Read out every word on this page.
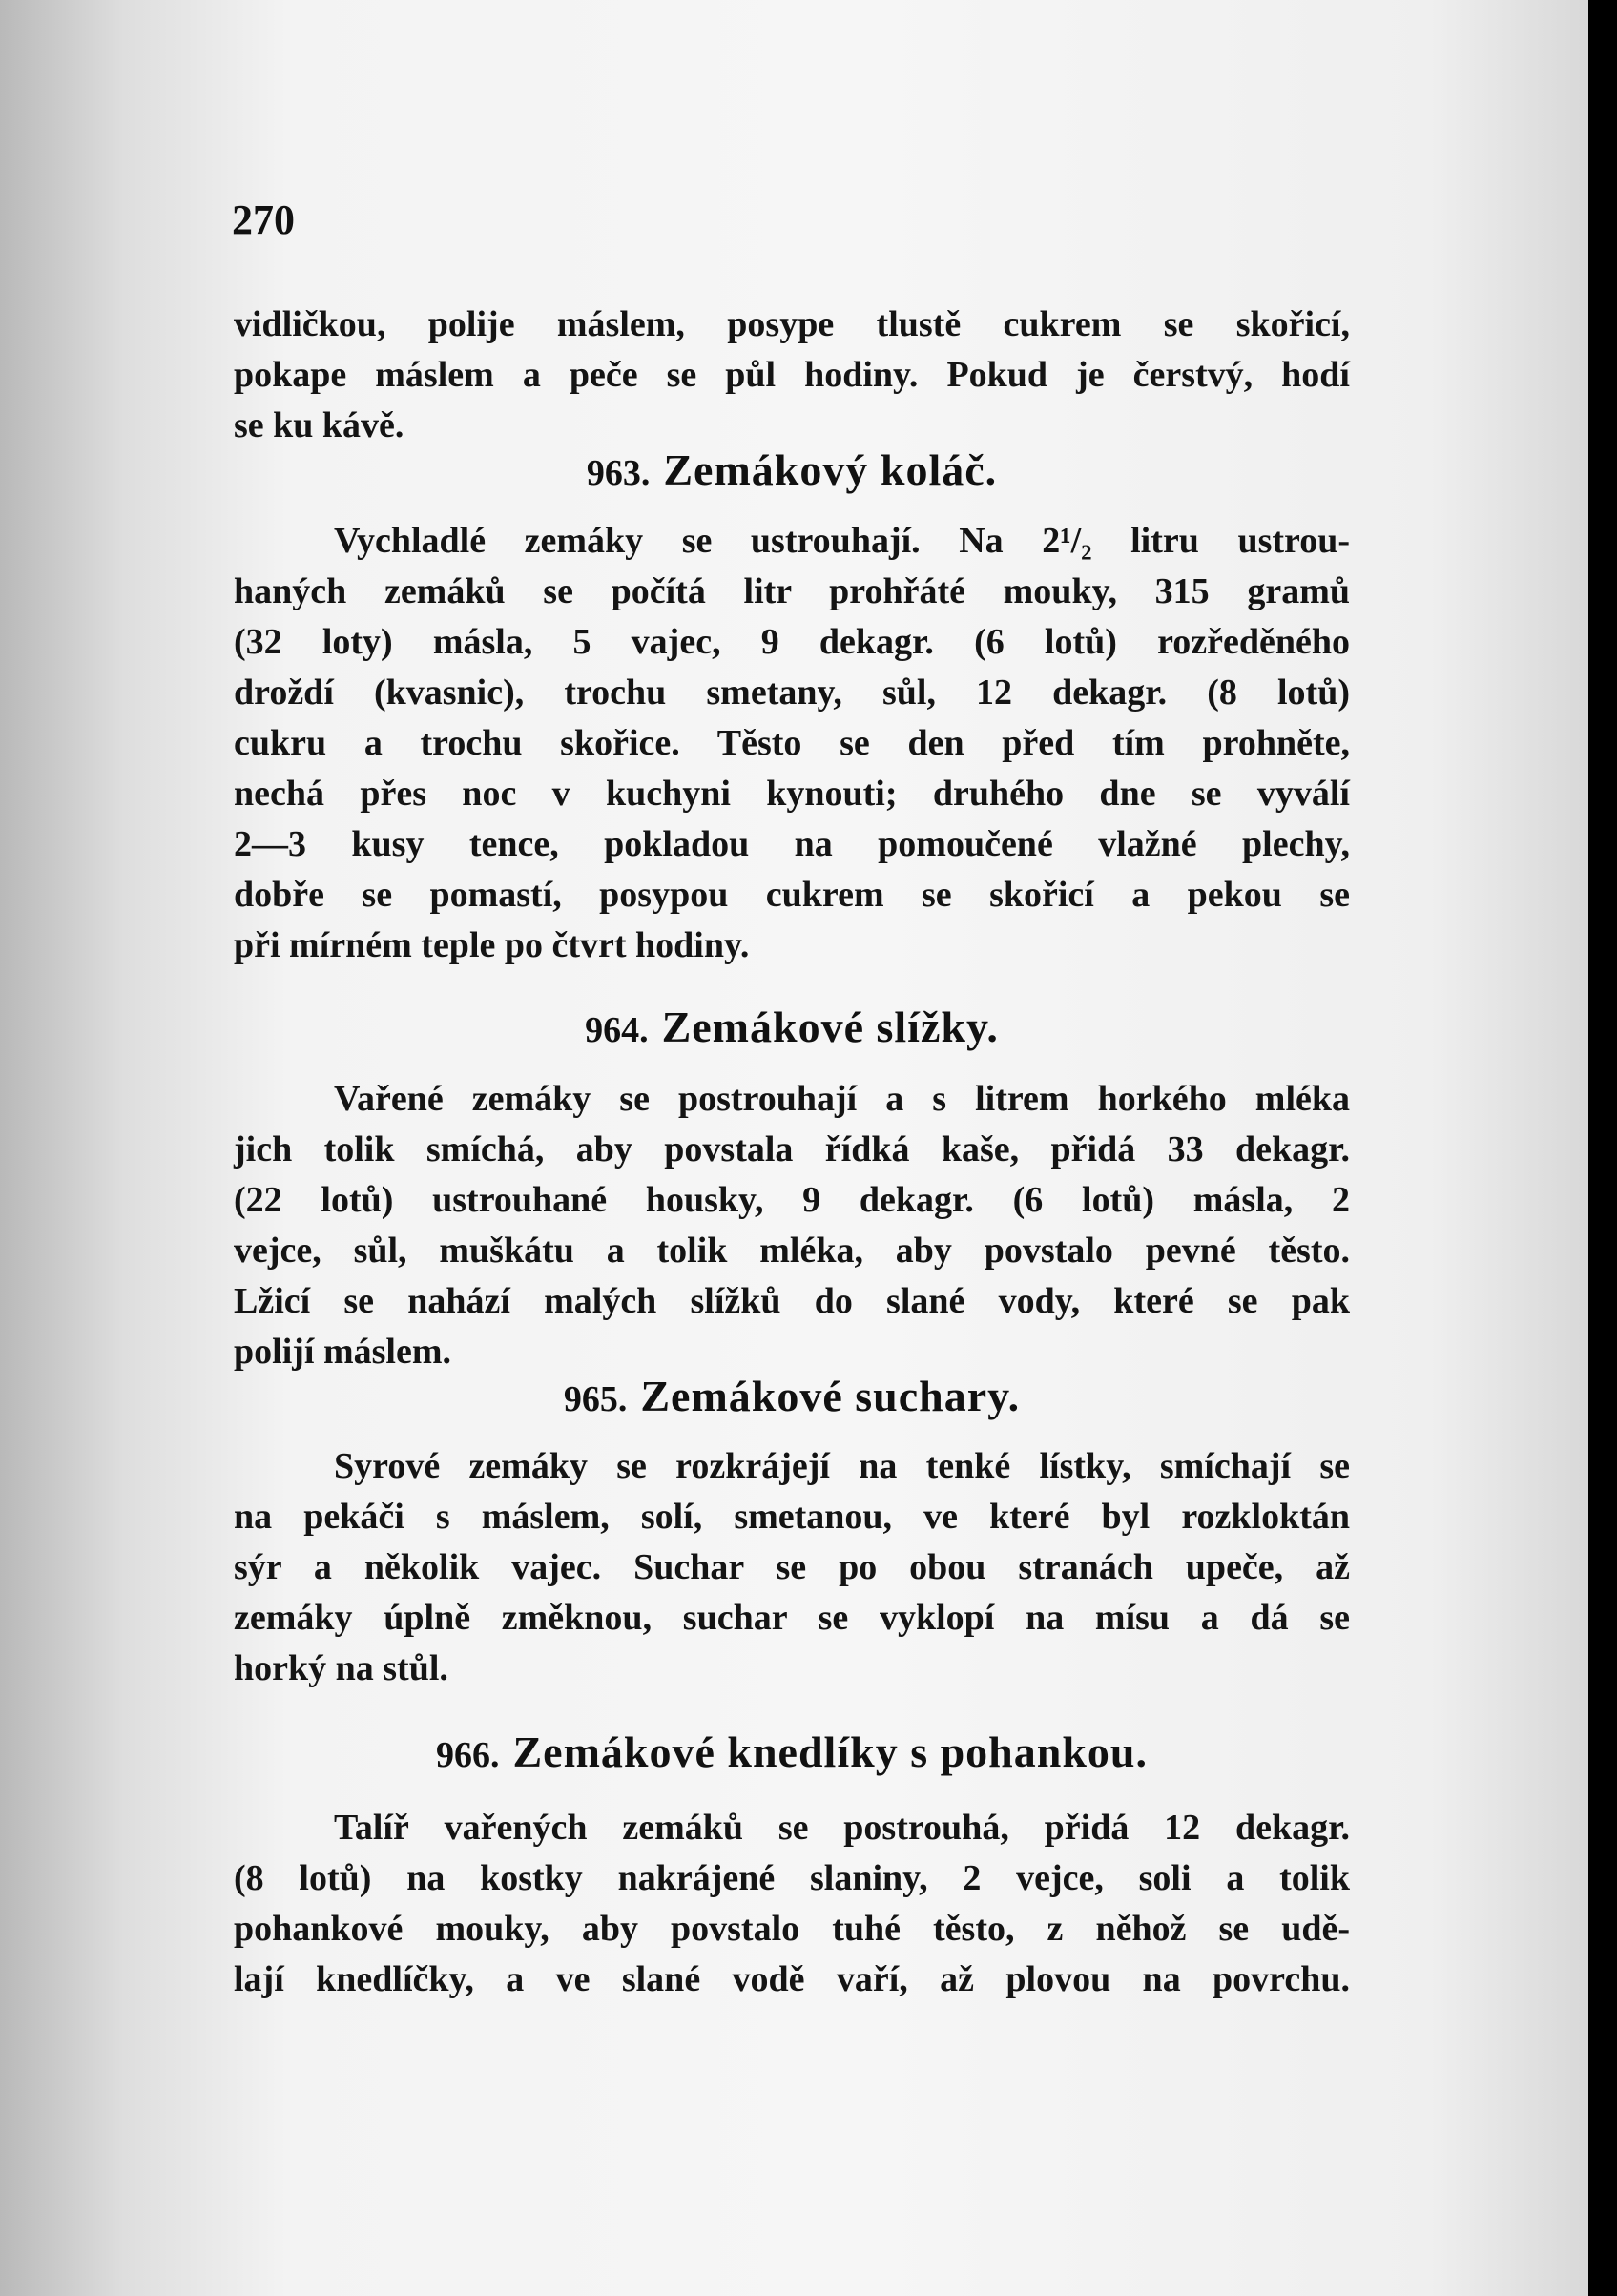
270
vidličkou, polije máslem, posype tlustě cukrem se skořicí,
pokape máslem a peče se půl hodiny. Pokud je čerstvý, hodí
se ku kávě.
963. Zemákový koláč.
Vychladlé zemáky se ustrouhají. Na 2¹/₂ litru ustrou-
haných zemáků se počítá litr prohřáté mouky, 315 gramů
(32 loty) másla, 5 vajec, 9 dekagr. (6 lotů) rozředěného
droždí (kvasnic), trochu smetany, sůl, 12 dekagr. (8 lotů)
cukru a trochu skořice. Těsto se den před tím prohněte,
nechá přes noc v kuchyni kynouti; druhého dne se vyválí
2—3 kusy tence, pokladou na pomoučené vlažné plechy,
dobře se pomastí, posypou cukrem se skořicí a pekou se
při mírném teple po čtvrt hodiny.
964. Zemákové slížky.
Vařené zemáky se postrouhají a s litrem horkého mléka
jich tolik smíchá, aby povstala řídká kaše, přidá 33 dekagr.
(22 lotů) ustrouhané housky, 9 dekagr. (6 lotů) másla, 2
vejce, sůl, muškátu a tolik mléka, aby povstalo pevné těsto.
Lžicí se nahází malých slížků do slané vody, které se pak
polijí máslem.
965. Zemákové suchary.
Syrové zemáky se rozkrájejí na tenké lístky, smíchají se
na pekáči s máslem, solí, smetanou, ve které byl rozkloktán
sýr a několik vajec. Suchar se po obou stranách upeče, až
zemáky úplně změknou, suchar se vyklopí na mísu a dá se
horký na stůl.
966. Zemákové knedlíky s pohankou.
Talíř vařených zemáků se postrouhá, přidá 12 dekagr.
(8 lotů) na kostky nakrájené slaniny, 2 vejce, soli a tolik
pohankové mouky, aby povstalo tuhé těsto, z něhož se udě-
lají knedlíčky, a ve slané vodě vaří, až plovou na povrchu.
